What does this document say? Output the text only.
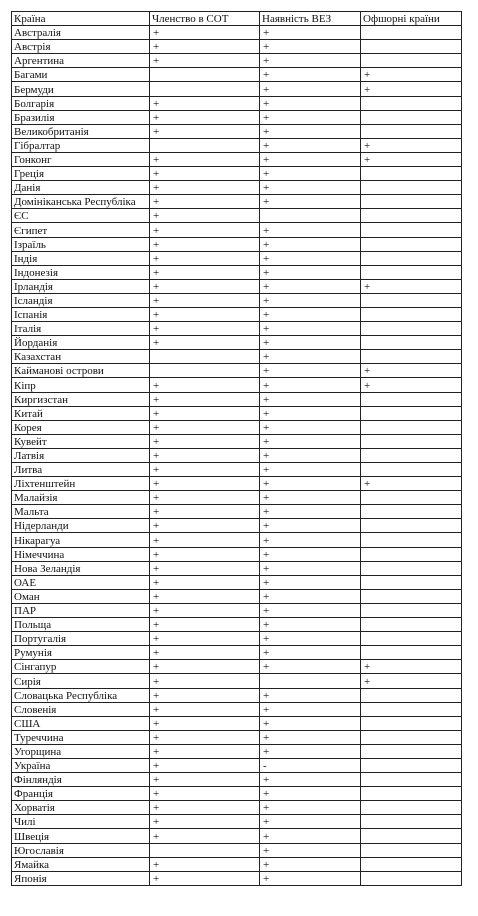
Країна	Членство в СОТ	Наявність ВЕЗ	Офшорні країни
Австралія	+	+	
Австрія	+	+	
Аргентина	+	+	
Багами		+	+
Бермуди		+	+
Болгарія	+	+	
Бразилія	+	+	
Великобританія	+	+	
Гібралтар		+	+
Гонконг	+	+	+
Греція	+	+	
Данія	+	+	
Домініканська Республіка	+	+	
ЄС	+		
Єгипет	+	+	
Ізраїль	+	+	
Індія	+	+	
Індонезія	+	+	
Ірландія	+	+	+
Ісландія	+	+	
Іспанія	+	+	
Італія	+	+	
Йорданія	+	+	
Казахстан		+	
Кайманові острови		+	+
Кіпр	+	+	+
Киргизстан	+	+	
Китай	+	+	
Корея	+	+	
Кувейт	+	+	
Латвія	+	+	
Литва	+	+	
Ліхтенштейн	+	+	+
Малайзія	+	+	
Мальта	+	+	
Нідерланди	+	+	
Нікарагуа	+	+	
Німеччина	+	+	
Нова Зеландія	+	+	
ОАЕ	+	+	
Оман	+	+	
ПАР	+	+	
Польща	+	+	
Португалія	+	+	
Румунія	+	+	
Сінгапур	+	+	+
Сирія	+		+
Словацька Республіка	+	+	
Словенія	+	+	
США	+	+	
Туреччина	+	+	
Угорщина	+	+	
Україна	+	-	
Фінляндія	+	+	
Франція	+	+	
Хорватія	+	+	
Чилі	+	+	
Швеція	+	+	
Югославія		+	
Ямайка	+	+	
Японія	+	+	
